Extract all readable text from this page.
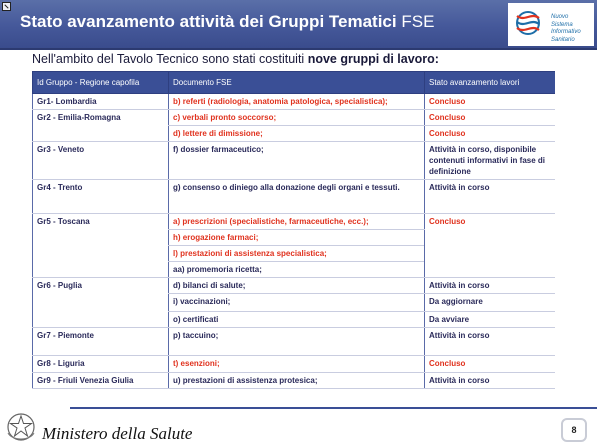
Stato avanzamento attività dei Gruppi Tematici FSE	Nuovo
Sistema
Informativo
Sanitario
Nell'ambito del Tavolo Tecnico sono stati costituiti nove gruppi di lavoro:
Id Gruppo - Regione capofila	Documento FSE	Stato avanzamento lavori
Gr1- Lombardia	b) referti (radiologia, anatomia patologica, specialistica);	Concluso
Gr2 - Emilia-Romagna	c) verbali pronto soccorso;	Concluso
	d) lettere di dimissione;	Concluso
Gr3 - Veneto	f) dossier farmaceutico;	Attività in corso, disponibile contenuti informativi in fase di definizione
Gr4 - Trento	g) consenso o diniego alla donazione degli organi e tessuti.	Attività in corso
Gr5 - Toscana	a) prescrizioni (specialistiche, farmaceutiche, ecc.);	Concluso
	h) erogazione farmaci;	
	l) prestazioni di assistenza specialistica;	
	aa) promemoria ricetta;	
Gr6 - Puglia	d) bilanci di salute;	Attività in corso
	i) vaccinazioni;	Da aggiornare
	o) certificati	Da avviare
Gr7 - Piemonte	p) taccuino;	Attività in corso
Gr8 - Liguria	t) esenzioni;	Concluso
Gr9 - Friuli Venezia Giulia	u) prestazioni di assistenza protesica;	Attività in corso
Ministero della Salute	8
